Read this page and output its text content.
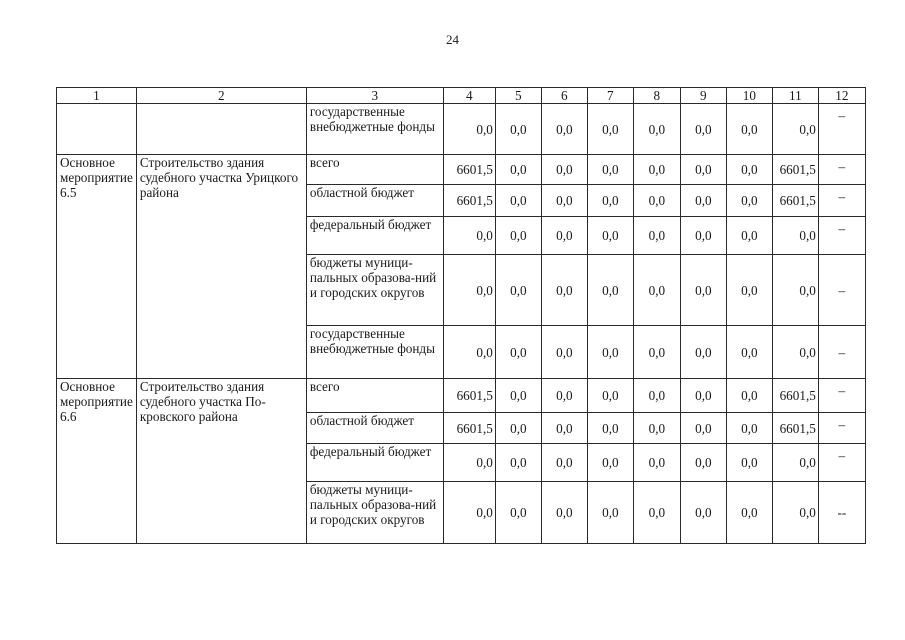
24
1	2	3	4	5	6	7	8	9	10	11	12
		государственные внебюджетные фонды	0,0	0,0	0,0	0,0	0,0	0,0	0,0	0,0	–
Основное мероприятие 6.5	Строительство здания судебного участка Урицкого района	всего	6601,5	0,0	0,0	0,0	0,0	0,0	0,0	6601,5	–
		областной бюджет	6601,5	0,0	0,0	0,0	0,0	0,0	0,0	6601,5	–
		федеральный бюджет	0,0	0,0	0,0	0,0	0,0	0,0	0,0	0,0	–
		бюджеты муници-пальных образова-ний и городских округов	0,0	0,0	0,0	0,0	0,0	0,0	0,0	0,0	–
		государственные внебюджетные фонды	0,0	0,0	0,0	0,0	0,0	0,0	0,0	0,0	–
Основное мероприятие 6.6	Строительство здания судебного участка По-кровского района	всего	6601,5	0,0	0,0	0,0	0,0	0,0	0,0	6601,5	–
		областной бюджет	6601,5	0,0	0,0	0,0	0,0	0,0	0,0	6601,5	–
		федеральный бюджет	0,0	0,0	0,0	0,0	0,0	0,0	0,0	0,0	–
		бюджеты муници-пальных образова-ний и городских округов	0,0	0,0	0,0	0,0	0,0	0,0	0,0	0,0	--
